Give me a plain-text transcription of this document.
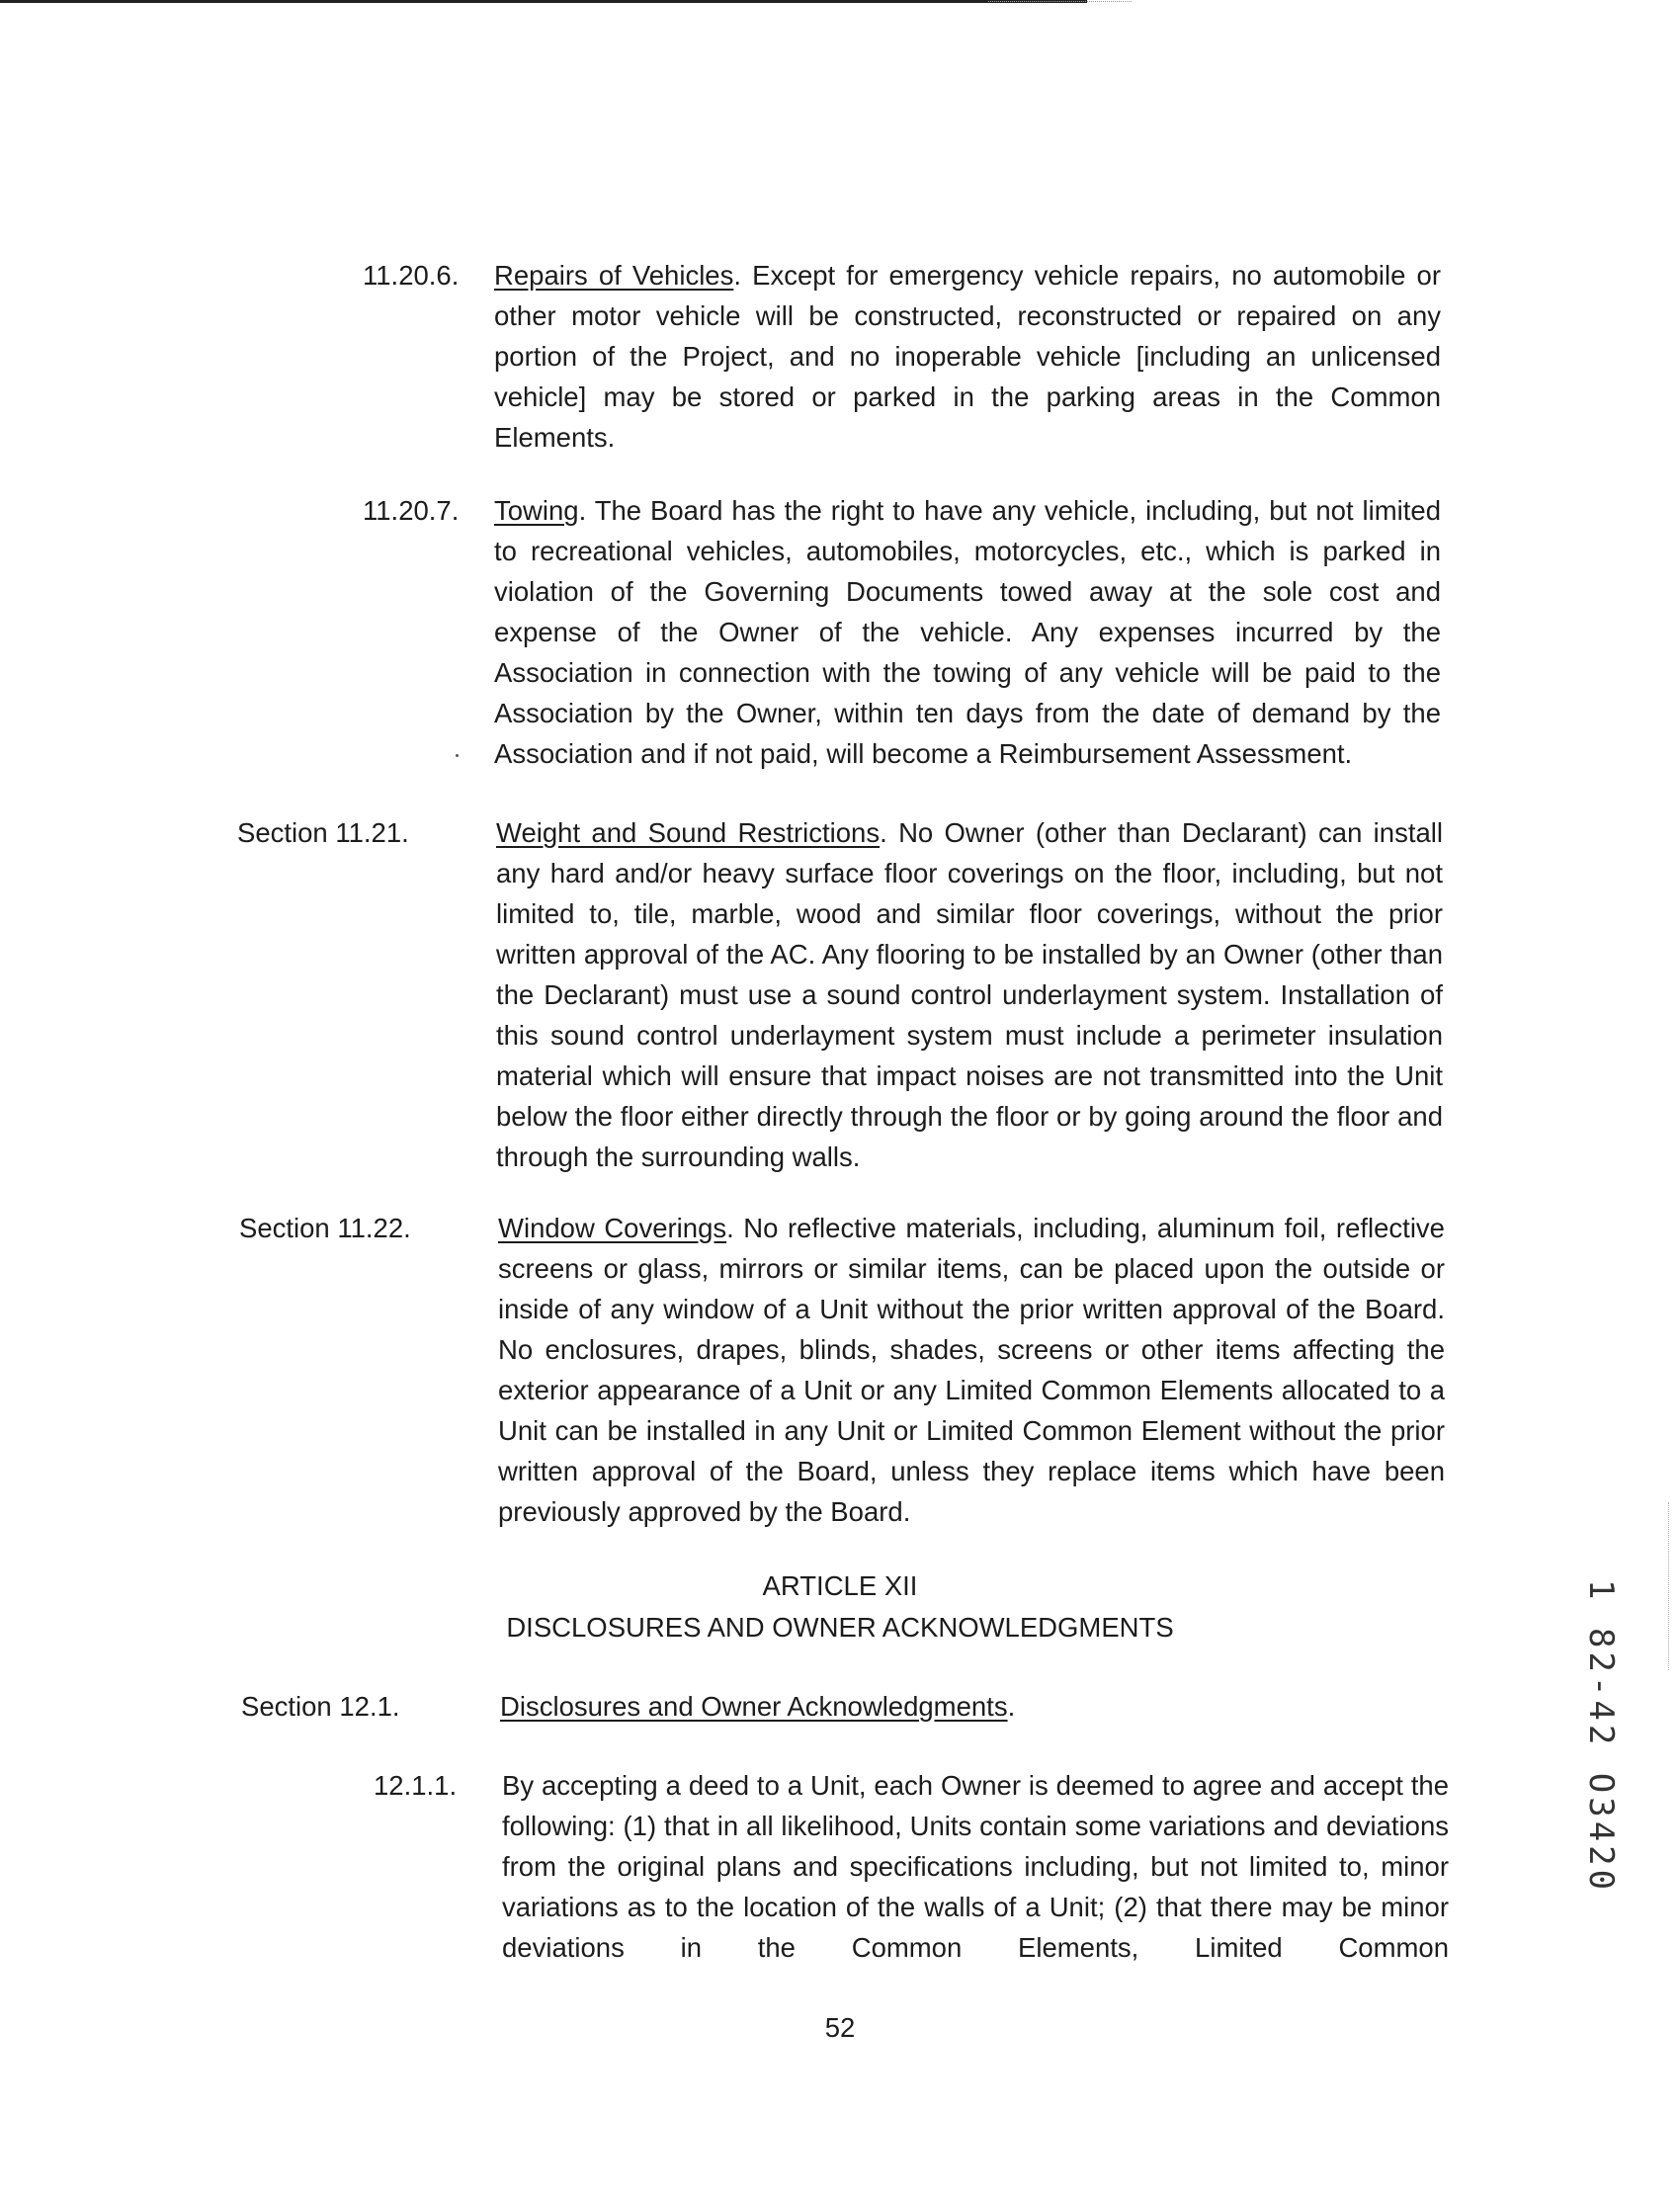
11.20.6. Repairs of Vehicles. Except for emergency vehicle repairs, no automobile or other motor vehicle will be constructed, reconstructed or repaired on any portion of the Project, and no inoperable vehicle [including an unlicensed vehicle] may be stored or parked in the parking areas in the Common Elements.
11.20.7. Towing. The Board has the right to have any vehicle, including, but not limited to recreational vehicles, automobiles, motorcycles, etc., which is parked in violation of the Governing Documents towed away at the sole cost and expense of the Owner of the vehicle. Any expenses incurred by the Association in connection with the towing of any vehicle will be paid to the Association by the Owner, within ten days from the date of demand by the Association and if not paid, will become a Reimbursement Assessment.
Section 11.21.	Weight and Sound Restrictions. No Owner (other than Declarant) can install any hard and/or heavy surface floor coverings on the floor, including, but not limited to, tile, marble, wood and similar floor coverings, without the prior written approval of the AC. Any flooring to be installed by an Owner (other than the Declarant) must use a sound control underlayment system. Installation of this sound control underlayment system must include a perimeter insulation material which will ensure that impact noises are not transmitted into the Unit below the floor either directly through the floor or by going around the floor and through the surrounding walls.
Section 11.22.	Window Coverings. No reflective materials, including, aluminum foil, reflective screens or glass, mirrors or similar items, can be placed upon the outside or inside of any window of a Unit without the prior written approval of the Board. No enclosures, drapes, blinds, shades, screens or other items affecting the exterior appearance of a Unit or any Limited Common Elements allocated to a Unit can be installed in any Unit or Limited Common Element without the prior written approval of the Board, unless they replace items which have been previously approved by the Board.
ARTICLE XII
DISCLOSURES AND OWNER ACKNOWLEDGMENTS
Section 12.1.	Disclosures and Owner Acknowledgments.
12.1.1. By accepting a deed to a Unit, each Owner is deemed to agree and accept the following: (1) that in all likelihood, Units contain some variations and deviations from the original plans and specifications including, but not limited to, minor variations as to the location of the walls of a Unit; (2) that there may be minor deviations in the Common Elements, Limited Common
1 82-42 O3420
52
